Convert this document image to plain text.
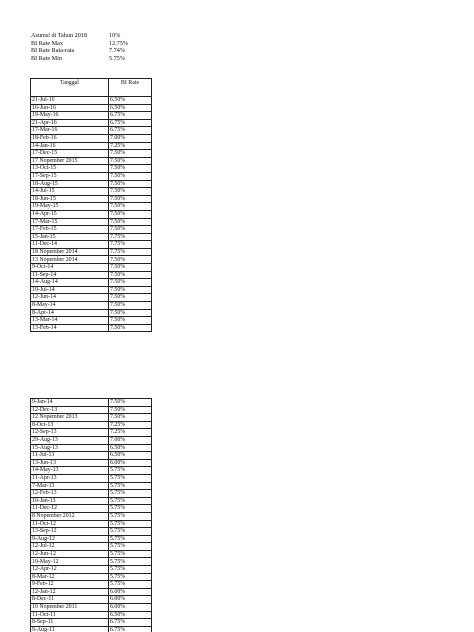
Asumsi di Tahun 2018	10%
BI Rate Max	12.75%
BI Rate Rata-rata	7.74%
BI Rate Min	5.75%
Tanggal	BI Rate
21-Jul-16	6.50%
16-Jun-16	6.50%
19-May-16	6.75%
21-Apr-16	6.75%
17-Mar-16	6.75%
18-Feb-16	7.00%
14-Jan-16	7.25%
17-Dec-15	7.50%
17 Nopember 2015	7.50%
13-Oct-15	7.50%
17-Sep-15	7.50%
18-Aug-15	7.50%
14-Jul-15	7.50%
18-Jun-15	7.50%
19-May-15	7.50%
14-Apr-15	7.50%
17-Mar-15	7.50%
17-Feb-15	7.50%
15-Jan-15	7.75%
11-Dec-14	7.75%
18 Nopember 2014	7.75%
13 Nopember 2014	7.50%
9-Oct-14	7.50%
11-Sep-14	7.50%
14-Aug-14	7.50%
10-Jul-14	7.50%
12-Jun-14	7.50%
8-May-14	7.50%
8-Apr-14	7.50%
13-Mar-14	7.50%
13-Feb-14	7.50%
9-Jan-14	7.50%
12-Dec-13	7.50%
12 Nopember 2013	7.50%
8-Oct-13	7.25%
12-Sep-13	7.25%
29-Aug-13	7.00%
15-Aug-13	6.50%
11-Jul-13	6.50%
13-Jun-13	6.00%
14-May-13	5.75%
11-Apr-13	5.75%
7-Mar-13	5.75%
12-Feb-13	5.75%
10-Jan-13	5.75%
11-Dec-12	5.75%
8 Nopember 2012	5.75%
11-Oct-12	5.75%
13-Sep-12	5.75%
9-Aug-12	5.75%
12-Jul-12	5.75%
12-Jun-12	5.75%
10-May-12	5.75%
12-Apr-12	5.75%
8-Mar-12	5.75%
9-Feb-12	5.75%
12-Jan-12	6.00%
8-Dec-11	6.00%
10 Nopember 2011	6.00%
11-Oct-11	6.50%
8-Sep-11	6.75%
9-Aug-11	6.75%
